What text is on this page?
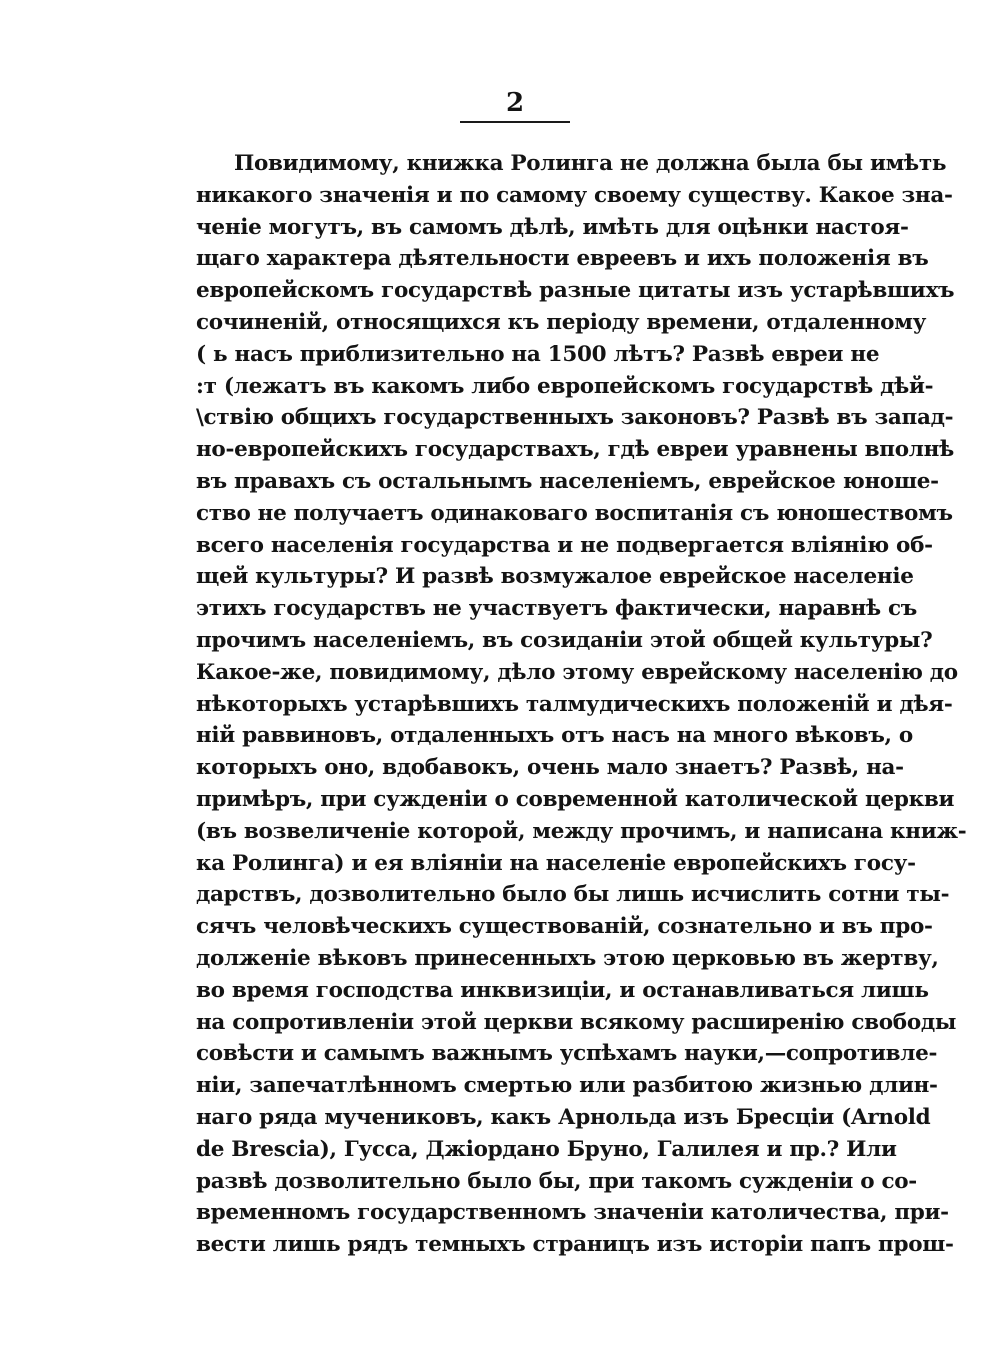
2
Повидимому, книжка Ролинга не должна была бы имѣть
никакого значенія и по самому своему существу. Какое зна-
ченіе могутъ, въ самомъ дѣлѣ, имѣть для оцѣнки настоя-
щаго характера дѣятельности евреевъ и ихъ положенія въ
европейскомъ государствѣ разные цитаты изъ устарѣвшихъ
сочиненій, относящихся къ періоду времени, отдаленному
( ь насъ приблизительно на 1500 лѣтъ? Развѣ евреи не
:т (лежатъ въ какомъ либо европейскомъ государствѣ дѣй-
\ствію общихъ государственныхъ законовъ? Развѣ въ запад-
но-европейскихъ государствахъ, гдѣ евреи уравнены вполнѣ
въ правахъ съ остальнымъ населеніемъ, еврейское юноше-
ство не получаетъ одинаковаго воспитанія съ юношествомъ
всего населенія государства и не подвергается вліянію об-
щей культуры? И развѣ возмужалое еврейское населеніе
этихъ государствъ не участвуетъ фактически, наравнѣ съ
прочимъ населеніемъ, въ созиданіи этой общей культуры?
Какое-же, повидимому, дѣло этому еврейскому населенію до
нѣкоторыхъ устарѣвшихъ талмудическихъ положеній и дѣя-
ній раввиновъ, отдаленныхъ отъ насъ на много вѣковъ, о
которыхъ оно, вдобавокъ, очень мало знаетъ? Развѣ, на-
примѣръ, при сужденіи о современной католической церкви
(въ возвеличеніе которой, между прочимъ, и написана книж-
ка Ролинга) и ея вліяніи на населеніе европейскихъ госу-
дарствъ, дозволительно было бы лишь исчислить сотни ты-
сячъ человѣческихъ существованій, сознательно и въ про-
долженіе вѣковъ принесенныхъ этою церковью въ жертву,
во время господства инквизиціи, и останавливаться лишь
на сопротивленіи этой церкви всякому расширенію свободы
совѣсти и самымъ важнымъ успѣхамъ науки,—сопротивле-
ніи, запечатлѣнномъ смертью или разбитою жизнью длин-
наго ряда мучениковъ, какъ Арнольда изъ Бресціи (Arnold
de Brescia), Гусса, Джіордано Бруно, Галилея и пр.? Или
развѣ дозволительно было бы, при такомъ сужденіи о со-
временномъ государственномъ значеніи католичества, при-
вести лишь рядъ темныхъ страницъ изъ исторіи папъ прош-
